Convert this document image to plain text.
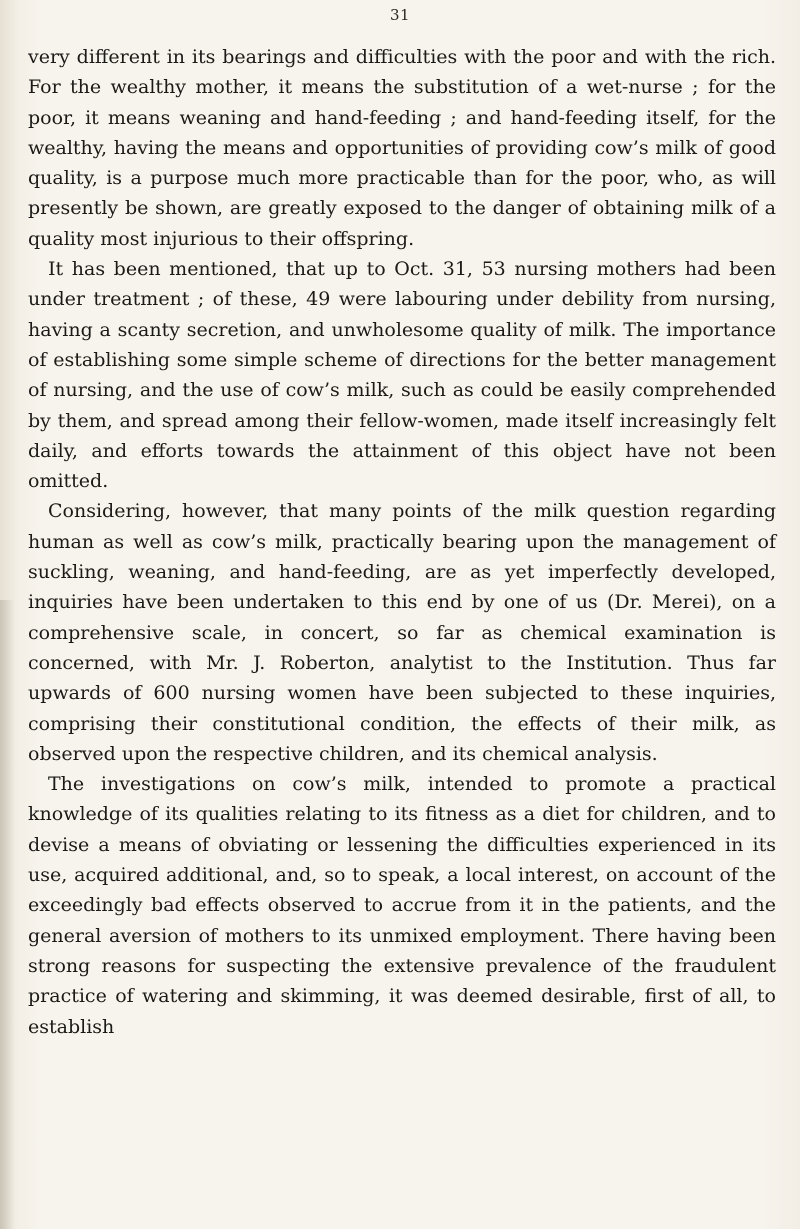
31

very different in its bearings and difficulties with the poor and with the rich. For the wealthy mother, it means the substitution of a wet-nurse ; for the poor, it means weaning and hand-feeding ; and hand-feeding itself, for the wealthy, having the means and opportunities of providing cow’s milk of good quality, is a purpose much more practicable than for the poor, who, as will presently be shown, are greatly exposed to the danger of obtaining milk of a quality most injurious to their offspring.

It has been mentioned, that up to Oct. 31, 53 nursing mothers had been under treatment ; of these, 49 were labouring under debility from nursing, having a scanty secretion, and unwholesome quality of milk. The importance of establishing some simple scheme of directions for the better management of nursing, and the use of cow’s milk, such as could be easily comprehended by them, and spread among their fellow-women, made itself increasingly felt daily, and efforts towards the attainment of this object have not been omitted.

Considering, however, that many points of the milk question regarding human as well as cow’s milk, practically bearing upon the management of suckling, weaning, and hand-feeding, are as yet imperfectly developed, inquiries have been undertaken to this end by one of us (Dr. Merei), on a comprehensive scale, in concert, so far as chemical examination is concerned, with Mr. J. Roberton, analytist to the Institution. Thus far upwards of 600 nursing women have been subjected to these inquiries, comprising their constitutional condition, the effects of their milk, as observed upon the respective children, and its chemical analysis.

The investigations on cow’s milk, intended to promote a practical knowledge of its qualities relating to its fitness as a diet for children, and to devise a means of obviating or lessening the difficulties experienced in its use, acquired additional, and, so to speak, a local interest, on account of the exceedingly bad effects observed to accrue from it in the patients, and the general aversion of mothers to its unmixed employment. There having been strong reasons for suspecting the extensive prevalence of the fraudulent practice of watering and skimming, it was deemed desirable, first of all, to establish
